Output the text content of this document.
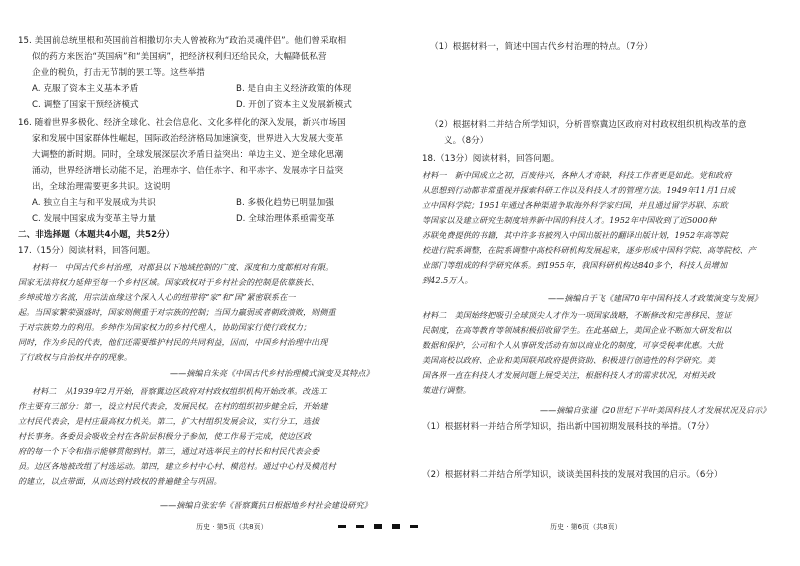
15. 美国前总统里根和英国前首相撒切尔夫人曾被称为“政治灵魂伴侣”。他们曾采取相
似的药方来医治“英国病”和“美国病”，把经济权利归还给民众，大幅降低私营
企业的税负，打击无节制的罢工等。这些举措
A. 克服了资本主义基本矛盾	B. 是自由主义经济政策的体现
C. 调整了国家干预经济模式	D. 开创了资本主义发展新模式
16. 随着世界多极化、经济全球化、社会信息化、文化多样化的深入发展，新兴市场国
家和发展中国家群体性崛起，国际政治经济格局加速演变，世界进入大发展大变革
大调整的新时期。同时，全球发展深层次矛盾日益突出：单边主义、逆全球化思潮
涌动，世界经济增长动能不足，治理赤字、信任赤字、和平赤字、发展赤字日益突
出，全球治理需要更多共识。这说明
A. 独立自主与和平发展成为共识	B. 多极化趋势已明显加强
C. 发展中国家成为变革主导力量	D. 全球治理体系亟需变革
二、非选择题（本题共4小题，共52分）
17.（15分）阅读材料，回答问题。
材料一　中国古代乡村治理，对郡县以下地域控制的广度、深度和力度都相对有限。
国家无法将权力延伸至每一个乡村区域。国家政权对于乡村社会的控制是依靠族长、
乡绅或地方名流，用宗法血缘这个深入人心的纽带将“家”和“国”紧密联系在一
起。当国家繁荣强盛时，国家则侧重于对宗族的控制；当国力羸弱或者朝政溃败，则侧重
于对宗族势力的利用。乡绅作为国家权力的乡村代理人，协助国家行使行政权力；
同时，作为乡民的代表，他们还需要维护村民的共同利益，因而，中国乡村治理中出现
了行政权与自治权并存的现象。
——摘编自朱亮《中国古代乡村治理模式演变及其特点》
材料二　从1939年2月开始，晋察冀边区政府对村政权组织机构开始改革。改选工
作主要有三部分：第一，设立村民代表会，发展民权。在村的组织初步健全后，开始建
立村民代表会，是村庄最高权力机关。第二，扩大村组织发展会议，实行分工，选拔
村长事务。各委员会吸收全村在各阶层积极分子参加，使工作易于完成，使边区政
府的每一个下令和指示能够贯彻到村。第三，通过对选举民主的村长和村民代表会委
员。边区各地被改组了村选运动。第四，建立乡村中心村、模范村。通过中心村及模范村
的建立，以点带面，从而达到村政权的普遍健全与巩固。
——摘编自张宏华《晋察冀抗日根据地乡村社会建设研究》
历史 · 第5页（共8页）
（1）根据材料一，简述中国古代乡村治理的特点。（7分）
（2）根据材料二并结合所学知识，分析晋察冀边区政府对村政权组织机构改革的意
义。（8分）
18.（13分）阅读材料，回答问题。
材料一　新中国成立之初，百废待兴，各种人才奇缺，科技工作者更是如此。党和政府
从思想到行动都非常重视并探索科研工作以及科技人才的管理方法。1949年11月1日成
立中国科学院；1951年通过各种渠道争取海外科学家归国，并且通过留学苏联、东欧
等国家以及建立研究生制度培养新中国的科技人才。1952年中国收到了近5000种
苏联免费提供的书籍，其中许多书被列入中国出版社的翻译出版计划，1952年高等院
校进行院系调整，在院系调整中高校科研机构发展起来，逐步形成中国科学院、高等院校、产
业部门等组成的科学研究体系。到1955年，我国科研机构达840多个，科技人员增加
到42.5万人。
——摘编自于飞《建国70年中国科技人才政策演变与发展》
材料二　美国始终把吸引全球顶尖人才作为一项国家战略，不断修改和完善移民、签证
民制度，在高等教育等领域积极招收留学生。在此基础上，美国企业不断加大研发和以
数据和保护，公司和个人从事研发活动有加以商业化的制度，可享受税率优惠。大批
美国高校以政府、企业和美国联邦政府提供资助、积极进行创造性的科学研究。美
国各界一直在科技人才发展问题上展受关注，根据科技人才的需求状况，对相关政
策进行调整。
——摘编自张谨《20世纪下半叶美国科技人才发展状况及启示》
（1）根据材料一并结合所学知识，指出新中国初期发展科技的举措。（7分）
（2）根据材料二并结合所学知识，谈谈美国科技的发展对我国的启示。（6分）
历史 · 第6页（共8页）
